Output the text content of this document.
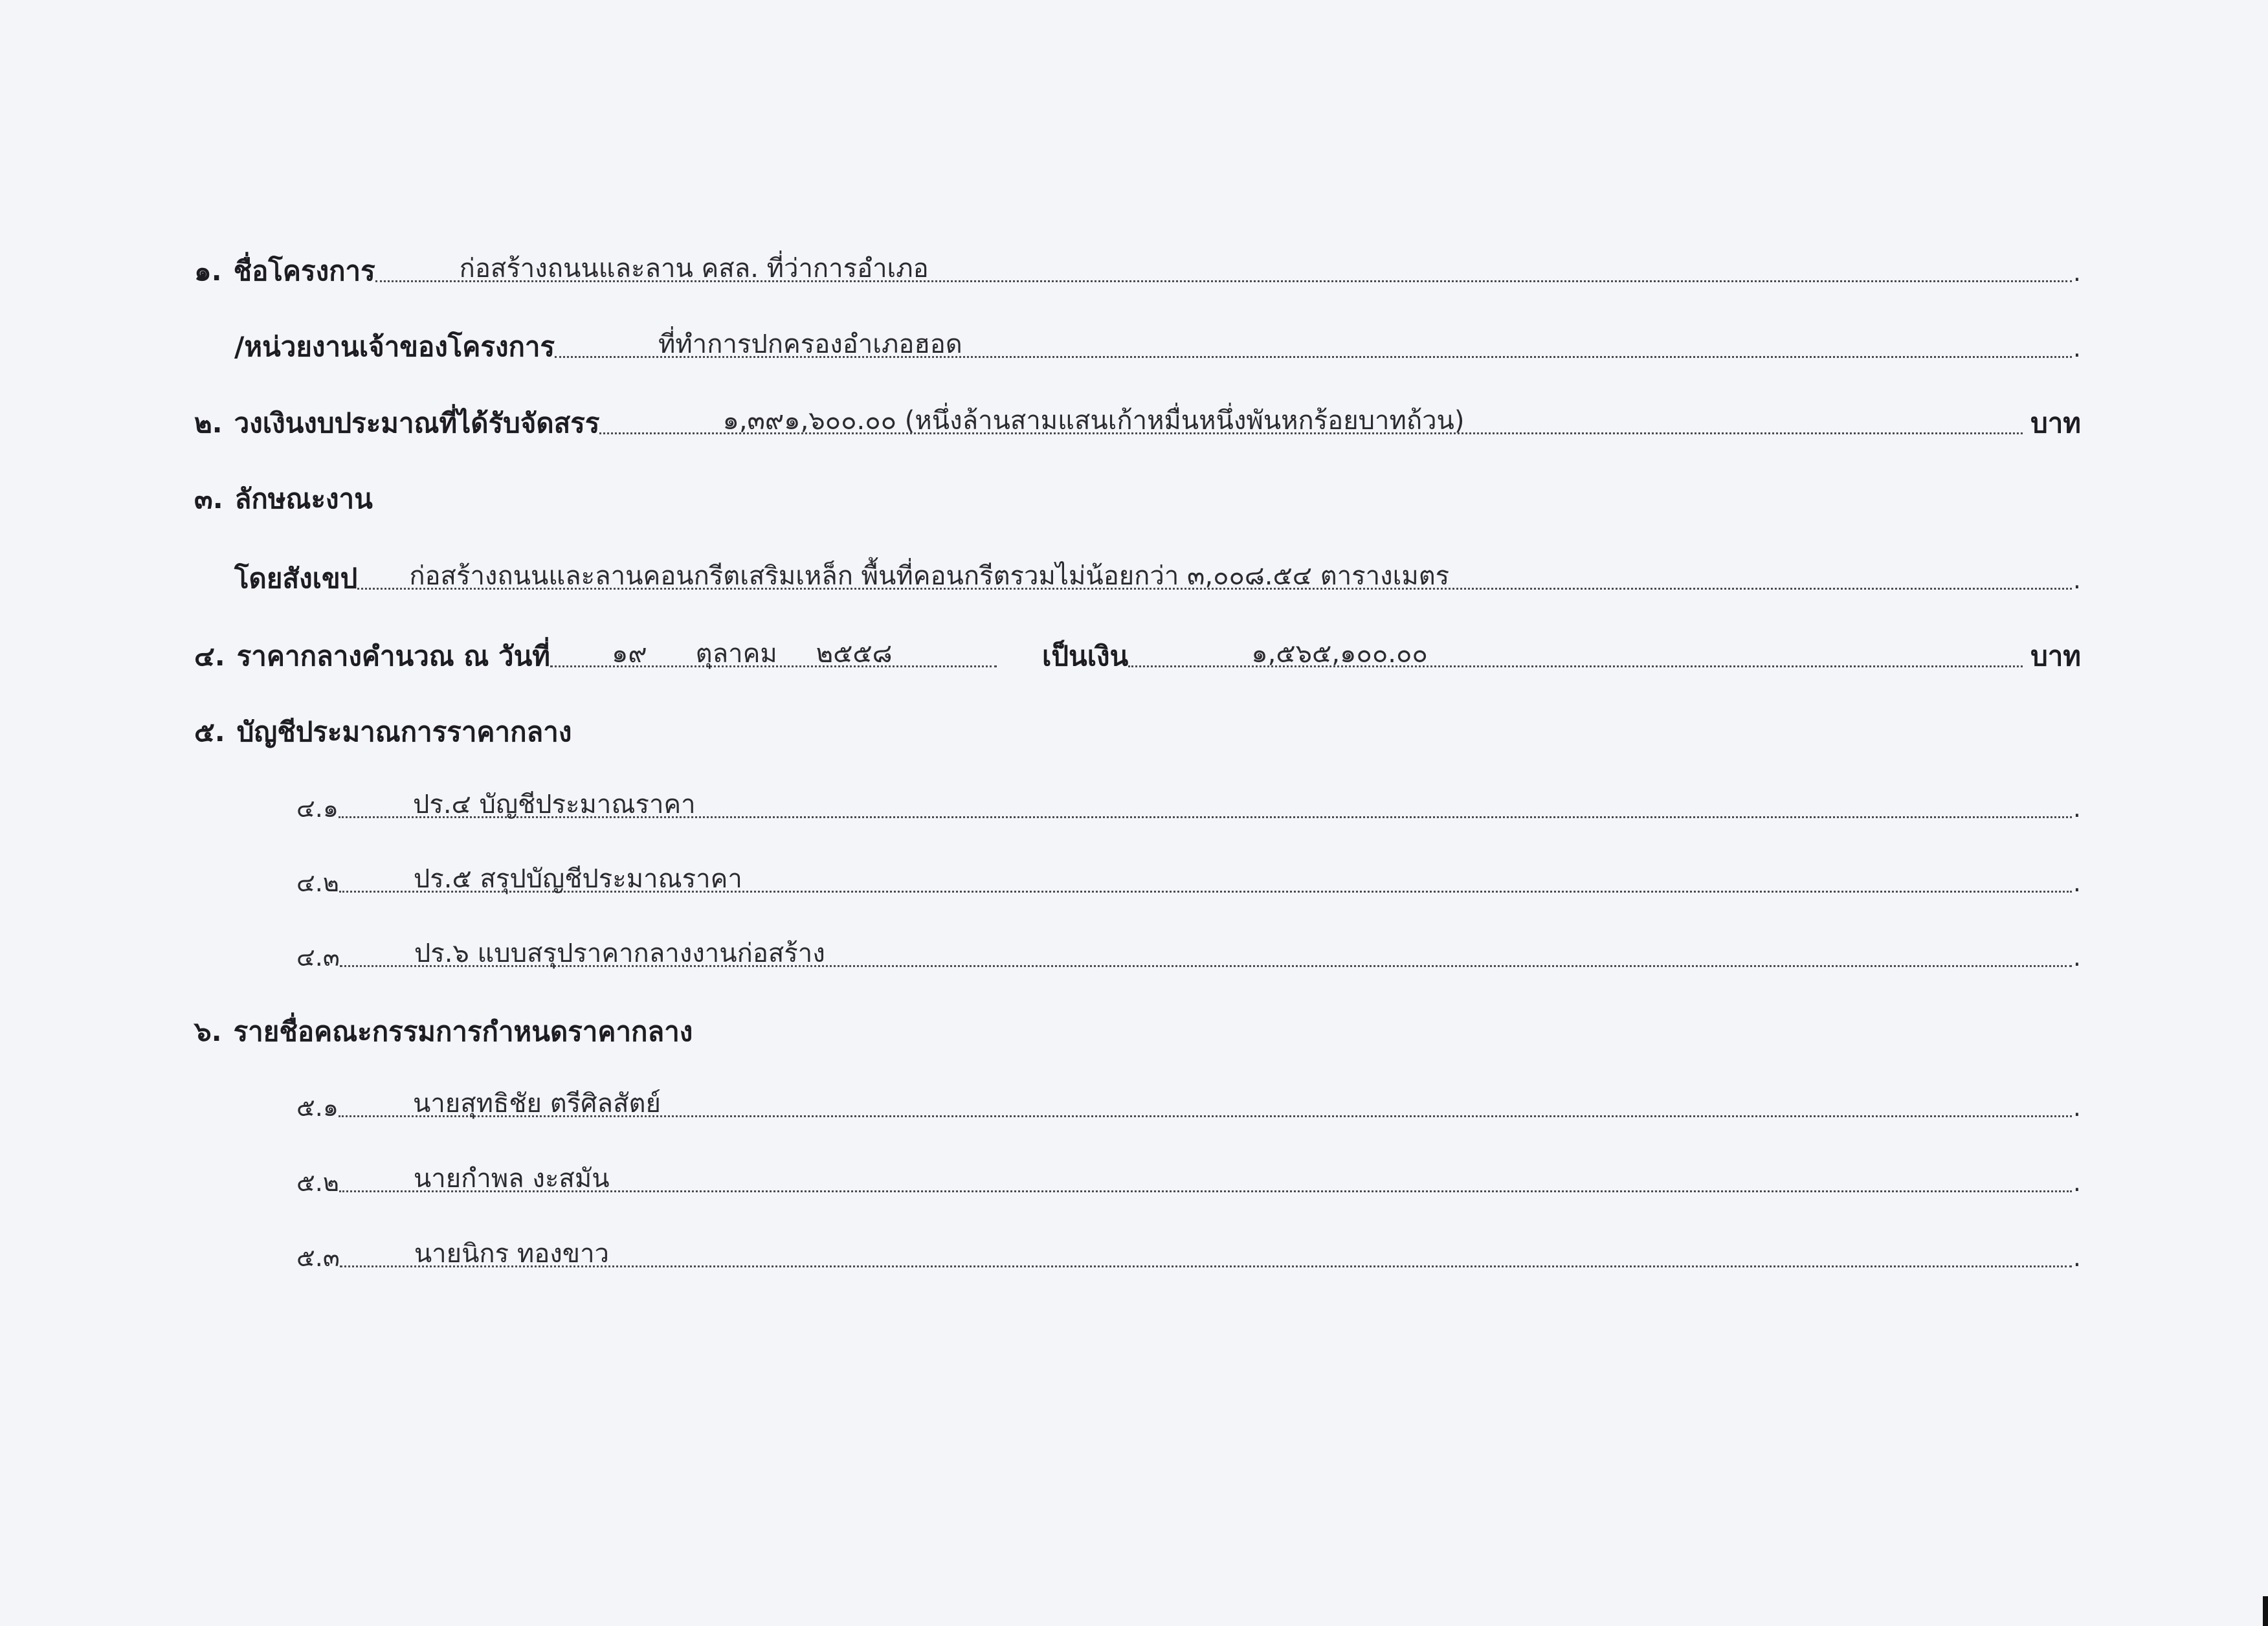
๑. ชื่อโครงการ	ก่อสร้างถนนและลาน คสล. ที่ว่าการอำเภอ	.
/หน่วยงานเจ้าของโครงการ	ที่ทำการปกครองอำเภอฮอด	.
๒. วงเงินงบประมาณที่ได้รับจัดสรร	๑,๓๙๑,๖๐๐.๐๐ (หนึ่งล้านสามแสนเก้าหมื่นหนึ่งพันหกร้อยบาทถ้วน)	บาท
๓. ลักษณะงาน
โดยสังเขป ก่อสร้างถนนและลานคอนกรีตเสริมเหล็ก พื้นที่คอนกรีตรวมไม่น้อยกว่า ๓,๐๐๘.๕๔ ตารางเมตร	.
๔. ราคากลางคำนวณ ณ วันที่ ๑๙ ตุลาคม ๒๕๕๘	เป็นเงิน	๑,๕๖๕,๑๐๐.๐๐	บาท
๕. บัญชีประมาณการราคากลาง
๔.๑	ปร.๔ บัญชีประมาณราคา	.
๔.๒	ปร.๕ สรุปบัญชีประมาณราคา	.
๔.๓	ปร.๖ แบบสรุปราคากลางงานก่อสร้าง	.
๖. รายชื่อคณะกรรมการกำหนดราคากลาง
๕.๑	นายสุทธิชัย ตรีศิลสัตย์	.
๕.๒	นายกำพล งะสมัน	.
๕.๓	นายนิกร ทองขาว	.
